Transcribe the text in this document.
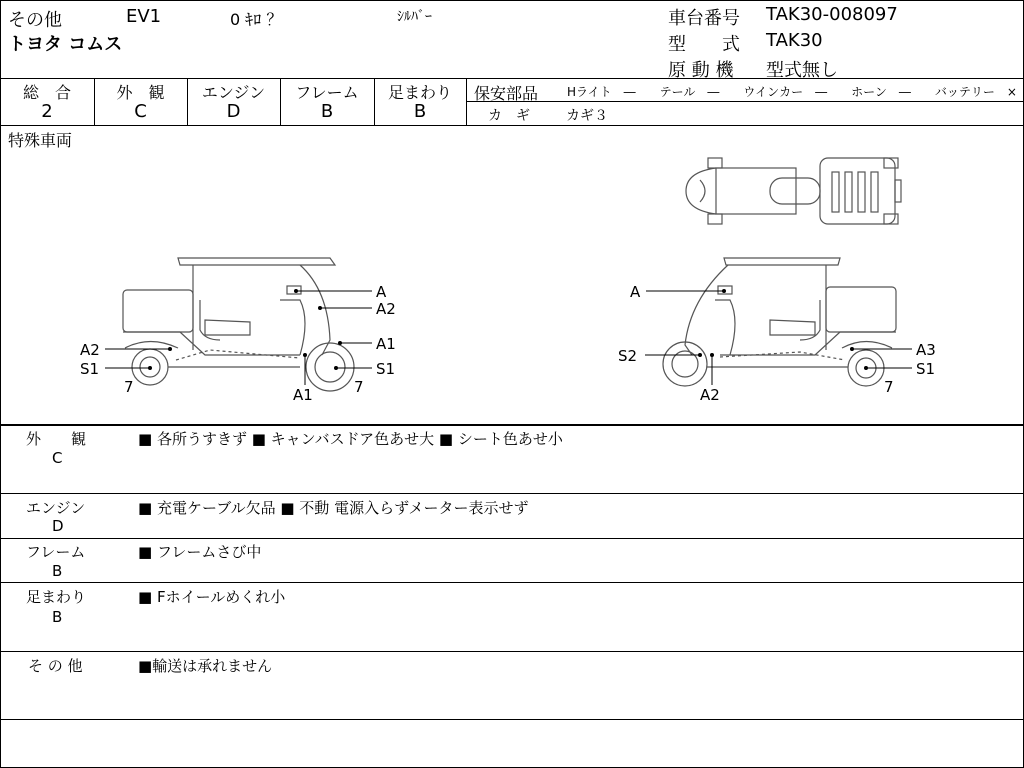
その他	EV1	0 ｷﾛ ？	ｼﾙﾊﾞｰ
トヨタ コムス
車台番号 TAK30-008097
型　　式 TAK30
原 動 機 型式無し
総　合
2
外　観
C
エンジン
D
フレーム
B
足まわり
B
保安部品 Hライト　―　　テール　―　　ウインカー　―　　ホーン　―　　バッテリー　×
カ　ギ	カギ３
特殊車両
A
A2
A1
S1
A2
S1
7	A1	7
A
S2	A3
S1
7
A2
外　　観
C
■ 各所うすきず ■ キャンバスドア色あせ大 ■ シート色あせ小
エンジン
D
■ 充電ケーブル欠品 ■ 不動 電源入らずメーター表示せず
フレーム
B
■ フレームさび中
足まわり
B
■ Fホイールめくれ小
そ の 他	■輸送は承れません
